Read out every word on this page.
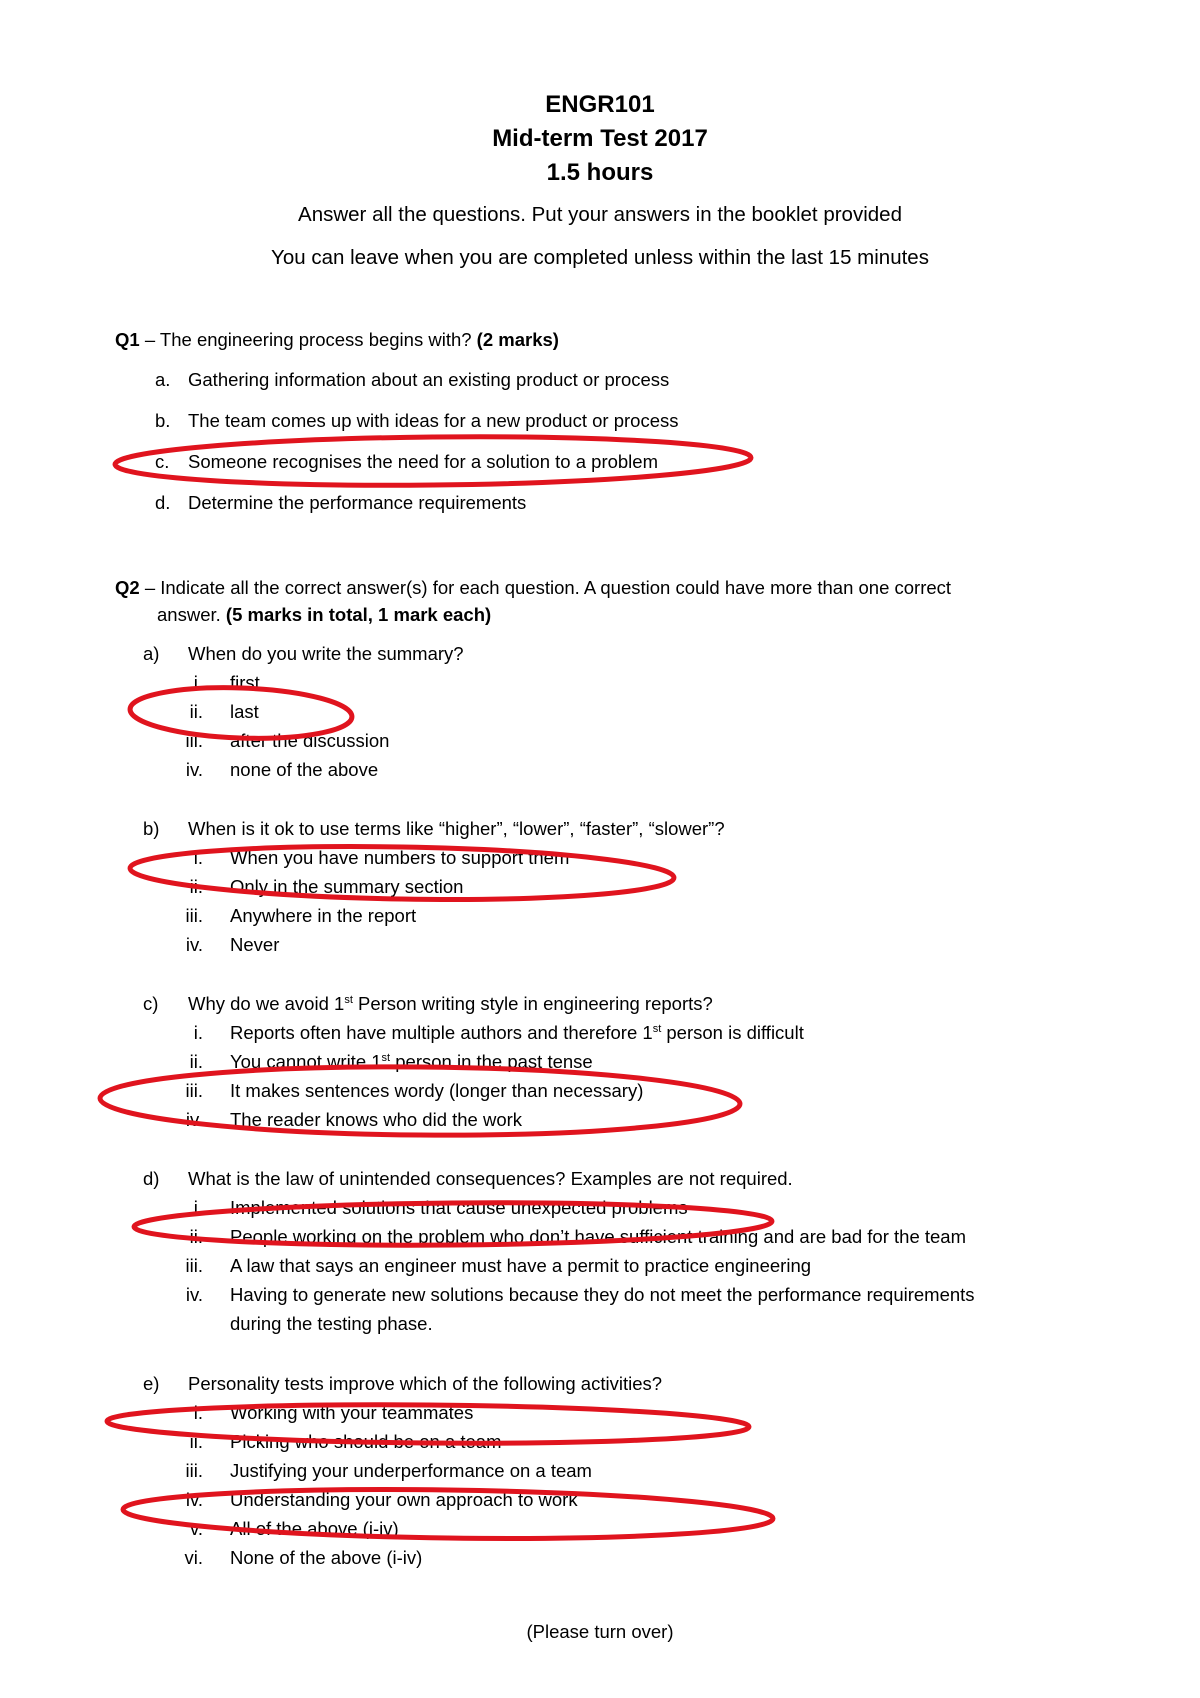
ENGR101
Mid-term Test 2017
1.5 hours
Answer all the questions. Put your answers in the booklet provided
You can leave when you are completed unless within the last 15 minutes
Q1 – The engineering process begins with? (2 marks)
a. Gathering information about an existing product or process
b. The team comes up with ideas for a new product or process
c. Someone recognises the need for a solution to a problem
d. Determine the performance requirements
Q2 – Indicate all the correct answer(s) for each question. A question could have more than one correct
answer. (5 marks in total, 1 mark each)
a) When do you write the summary?
i. first
ii. last
iii. after the discussion
iv. none of the above
b) When is it ok to use terms like “higher”, “lower”, “faster”, “slower”?
i. When you have numbers to support them
ii. Only in the summary section
iii. Anywhere in the report
iv. Never
c) Why do we avoid 1st Person writing style in engineering reports?
i. Reports often have multiple authors and therefore 1st person is difficult
ii. You cannot write 1st person in the past tense
iii. It makes sentences wordy (longer than necessary)
iv. The reader knows who did the work
d) What is the law of unintended consequences? Examples are not required.
i. Implemented solutions that cause unexpected problems
ii. People working on the problem who don’t have sufficient training and are bad for the team
iii. A law that says an engineer must have a permit to practice engineering
iv. Having to generate new solutions because they do not meet the performance requirements
during the testing phase.
e) Personality tests improve which of the following activities?
i. Working with your teammates
ii. Picking who should be on a team
iii. Justifying your underperformance on a team
iv. Understanding your own approach to work
v. All of the above (i-iv)
vi. None of the above (i-iv)
(Please turn over)
